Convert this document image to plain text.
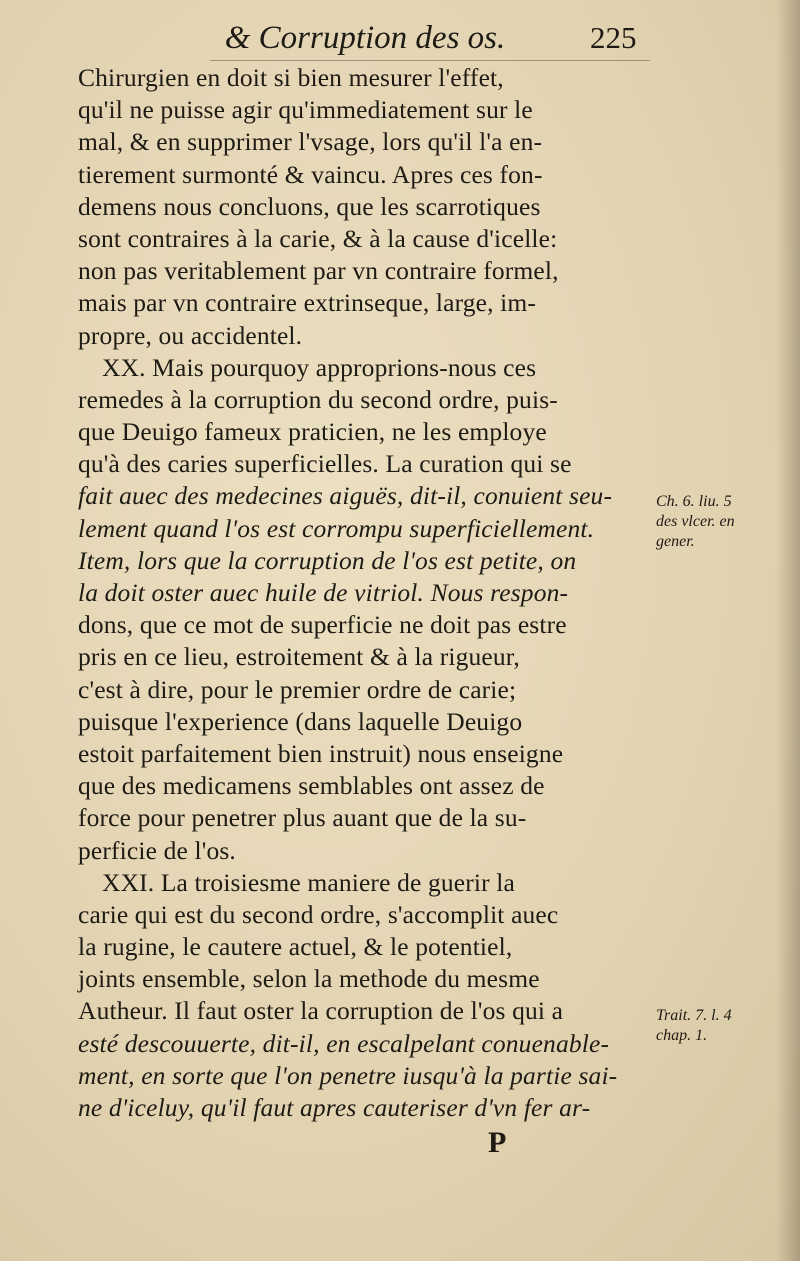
& Corruption des os.	225
Chirurgien en doit si bien mesurer l'effet,
qu'il ne puisse agir qu'immediatement sur le
mal, & en supprimer l'vsage, lors qu'il l'a en-
tierement surmonté & vaincu. Apres ces fon-
demens nous concluons, que les scarrotiques
sont contraires à la carie, & à la cause d'icelle:
non pas veritablement par vn contraire formel,
mais par vn contraire extrinseque, large, im-
propre, ou accidentel.
XX. Mais pourquoy approprions-nous ces
remedes à la corruption du second ordre, puis-
que Deuigo fameux praticien, ne les employe
qu'à des caries superficielles. La curation qui se
fait auec des medecines aiguës, dit-il, conuient seu-
lement quand l'os est corrompu superficiellement.
Item, lors que la corruption de l'os est petite, on
la doit oster auec huile de vitriol. Nous respon-
dons, que ce mot de superficie ne doit pas estre
pris en ce lieu, estroitement & à la rigueur,
c'est à dire, pour le premier ordre de carie;
puisque l'experience (dans laquelle Deuigo
estoit parfaitement bien instruit) nous enseigne
que des medicamens semblables ont assez de
force pour penetrer plus auant que de la su-
perficie de l'os.
XXI. La troisiesme maniere de guerir la
carie qui est du second ordre, s'accomplit auec
la rugine, le cautere actuel, & le potentiel,
joints ensemble, selon la methode du mesme
Autheur. Il faut oster la corruption de l'os qui a
esté descouuerte, dit-il, en escalpelant conuenable-
ment, en sorte que l'on penetre iusqu'à la partie sai-
ne d'iceluy, qu'il faut apres cauteriser d'vn fer ar-
Ch. 6. liu. 5
des vlcer. en
gener.
Trait. 7. l. 4
chap. 1.
P
